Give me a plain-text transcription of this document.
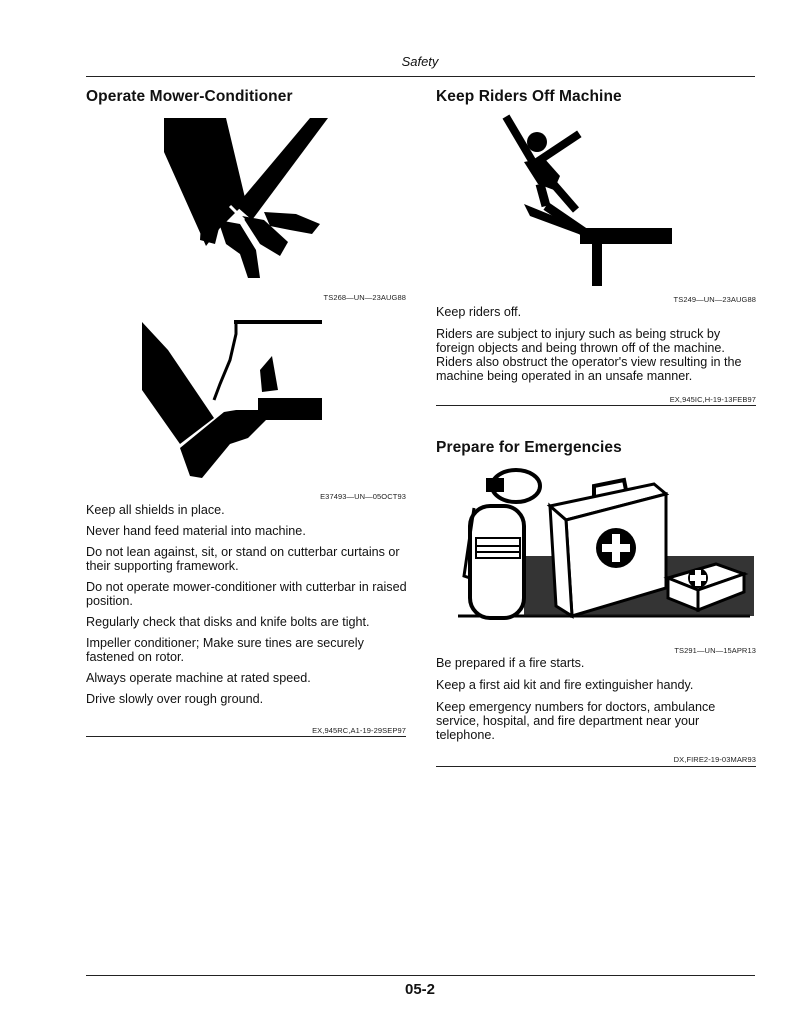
Safety
Operate Mower-Conditioner
TS268—UN—23AUG88
E37493—UN—05OCT93
Keep all shields in place.
Never hand feed material into machine.
Do not lean against, sit, or stand on cutterbar curtains or their supporting framework.
Do not operate mower-conditioner with cutterbar in raised position.
Regularly check that disks and knife bolts are tight.
Impeller conditioner; Make sure tines are securely fastened on rotor.
Always operate machine at rated speed.
Drive slowly over rough ground.
EX,945RC,A1-19-29SEP97
Keep Riders Off Machine
TS249—UN—23AUG88
Keep riders off.
Riders are subject to injury such as being struck by foreign objects and being thrown off of the machine. Riders also obstruct the operator's view resulting in the machine being operated in an unsafe manner.
EX,945IC,H-19-13FEB97
Prepare for Emergencies
TS291—UN—15APR13
Be prepared if a fire starts.
Keep a first aid kit and fire extinguisher handy.
Keep emergency numbers for doctors, ambulance service, hospital, and fire department near your telephone.
DX,FIRE2-19-03MAR93
05-2
